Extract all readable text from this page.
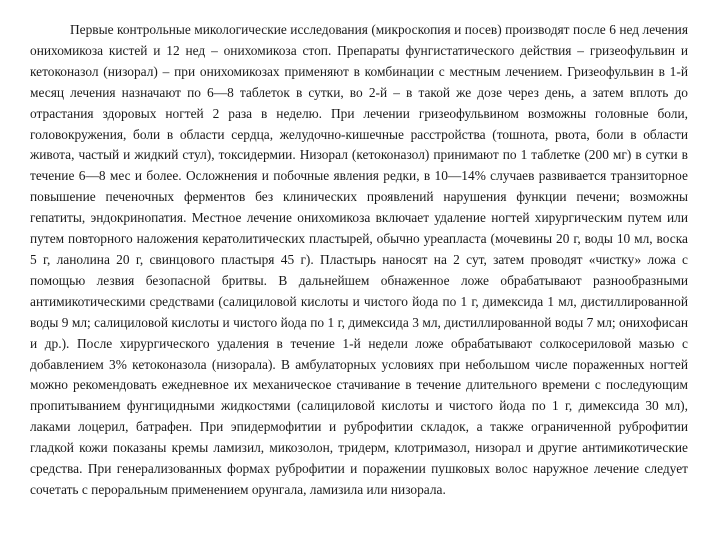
Первые контрольные микологические исследования (микроскопия и посев) производят после 6 нед лечения онихомикоза кистей и 12 нед – онихомикоза стоп. Препараты фунгистатического действия – гризеофульвин и кетоконазол (низорал) – при онихомикозах применяют в комбинации с местным лечением. Гризеофульвин в 1-й месяц лечения назначают по 6—8 таблеток в сутки, во 2-й – в такой же дозе через день, а затем вплоть до отрастания здоровых ногтей 2 раза в неделю. При лечении гризеофульвином возможны головные боли, головокружения, боли в области сердца, желудочно-кишечные расстройства (тошнота, рвота, боли в области живота, частый и жидкий стул), токсидермии. Низорал (кетоконазол) принимают по 1 таблетке (200 мг) в сутки в течение 6—8 мес и более. Осложнения и побочные явления редки, в 10—14% случаев развивается транзиторное повышение печеночных ферментов без клинических проявлений нарушения функции печени; возможны гепатиты, эндокринопатия. Местное лечение онихомикоза включает удаление ногтей хирургическим путем или путем повторного наложения кератолитических пластырей, обычно уреапласта (мочевины 20 г, воды 10 мл, воска 5 г, ланолина 20 г, свинцового пластыря 45 г). Пластырь наносят на 2 сут, затем проводят «чистку» ложа с помощью лезвия безопасной бритвы. В дальнейшем обнаженное ложе обрабатывают разнообразными антимикотическими средствами (салициловой кислоты и чистого йода по 1 г, димексида 1 мл, дистиллированной воды 9 мл; салициловой кислоты и чистого йода по 1 г, димексида 3 мл, дистиллированной воды 7 мл; онихофисан и др.). После хирургического удаления в течение 1-й недели ложе обрабатывают солкосериловой мазью с добавлением 3% кетоконазола (низорала). В амбулаторных условиях при небольшом числе пораженных ногтей можно рекомендовать ежедневное их механическое стачивание в течение длительного времени с последующим пропитыванием фунгицидными жидкостями (салициловой кислоты и чистого йода по 1 г, димексида 30 мл), лаками лоцерил, батрафен. При эпидермофитии и руброфитии складок, а также ограниченной руброфитии гладкой кожи показаны кремы ламизил, микозолон, тридерм, клотримазол, низорал и другие антимикотические средства. При генерализованных формах руброфитии и поражении пушковых волос наружное лечение следует сочетать с пероральным применением орунгала, ламизила или низорала.
